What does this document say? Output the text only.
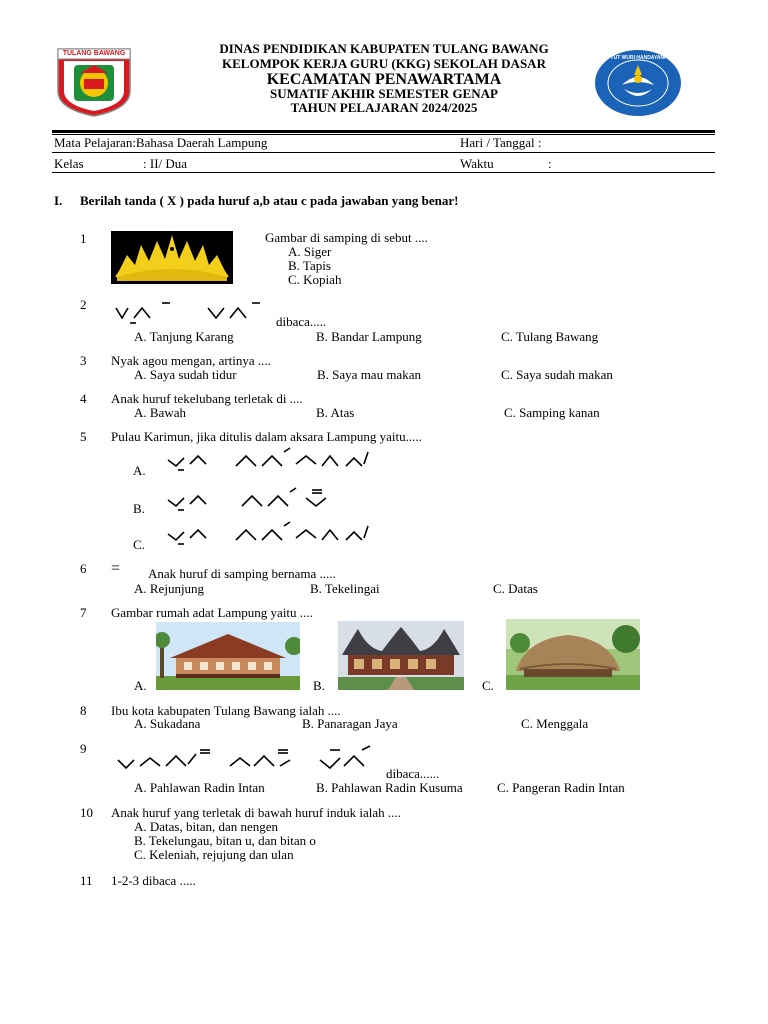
TULANG BAWANG
TUT WURI HANDAYANI
DINAS PENDIDIKAN KABUPATEN TULANG BAWANG
KELOMPOK KERJA GURU (KKG) SEKOLAH DASAR
KECAMATAN PENAWARTAMA
SUMATIF AKHIR SEMESTER GENAP
TAHUN PELAJARAN 2024/2025
Mata Pelajaran:Bahasa Daerah Lampung	Hari / Tanggal :
Kelas	: II/ Dua	Waktu	:
I. Berilah tanda ( X ) pada huruf a,b atau c pada jawaban yang benar!
1	Gambar di samping di sebut ....
A. Siger
B. Tapis
C. Kopiah
2
dibaca.....
A. Tanjung Karang	B. Bandar Lampung	C. Tulang Bawang
3 Nyak agou mengan, artinya ....
A. Saya sudah tidur	B. Saya mau makan	C. Saya sudah makan
4 Anak huruf tekelubang terletak di ....
A. Bawah	B. Atas	C. Samping kanan
5 Pulau Karimun, jika ditulis dalam aksara Lampung yaitu.....
A.
B.
C.
6 = Anak huruf di samping bernama .....
A. Rejunjung	B. Tekelingai	C. Datas
7 Gambar rumah adat Lampung yaitu ....
A.	B.	C.
8 Ibu kota kabupaten Tulang Bawang ialah ....
A. Sukadana	B. Panaragan Jaya	C. Menggala
9
dibaca......
A. Pahlawan Radin Intan	B. Pahlawan Radin Kusuma	C. Pangeran Radin Intan
10 Anak huruf yang terletak di bawah huruf induk ialah ....
A. Datas, bitan, dan nengen
B. Tekelungau, bitan u, dan bitan o
C. Keleniah, rejujung dan ulan
11 1-2-3 dibaca .....
